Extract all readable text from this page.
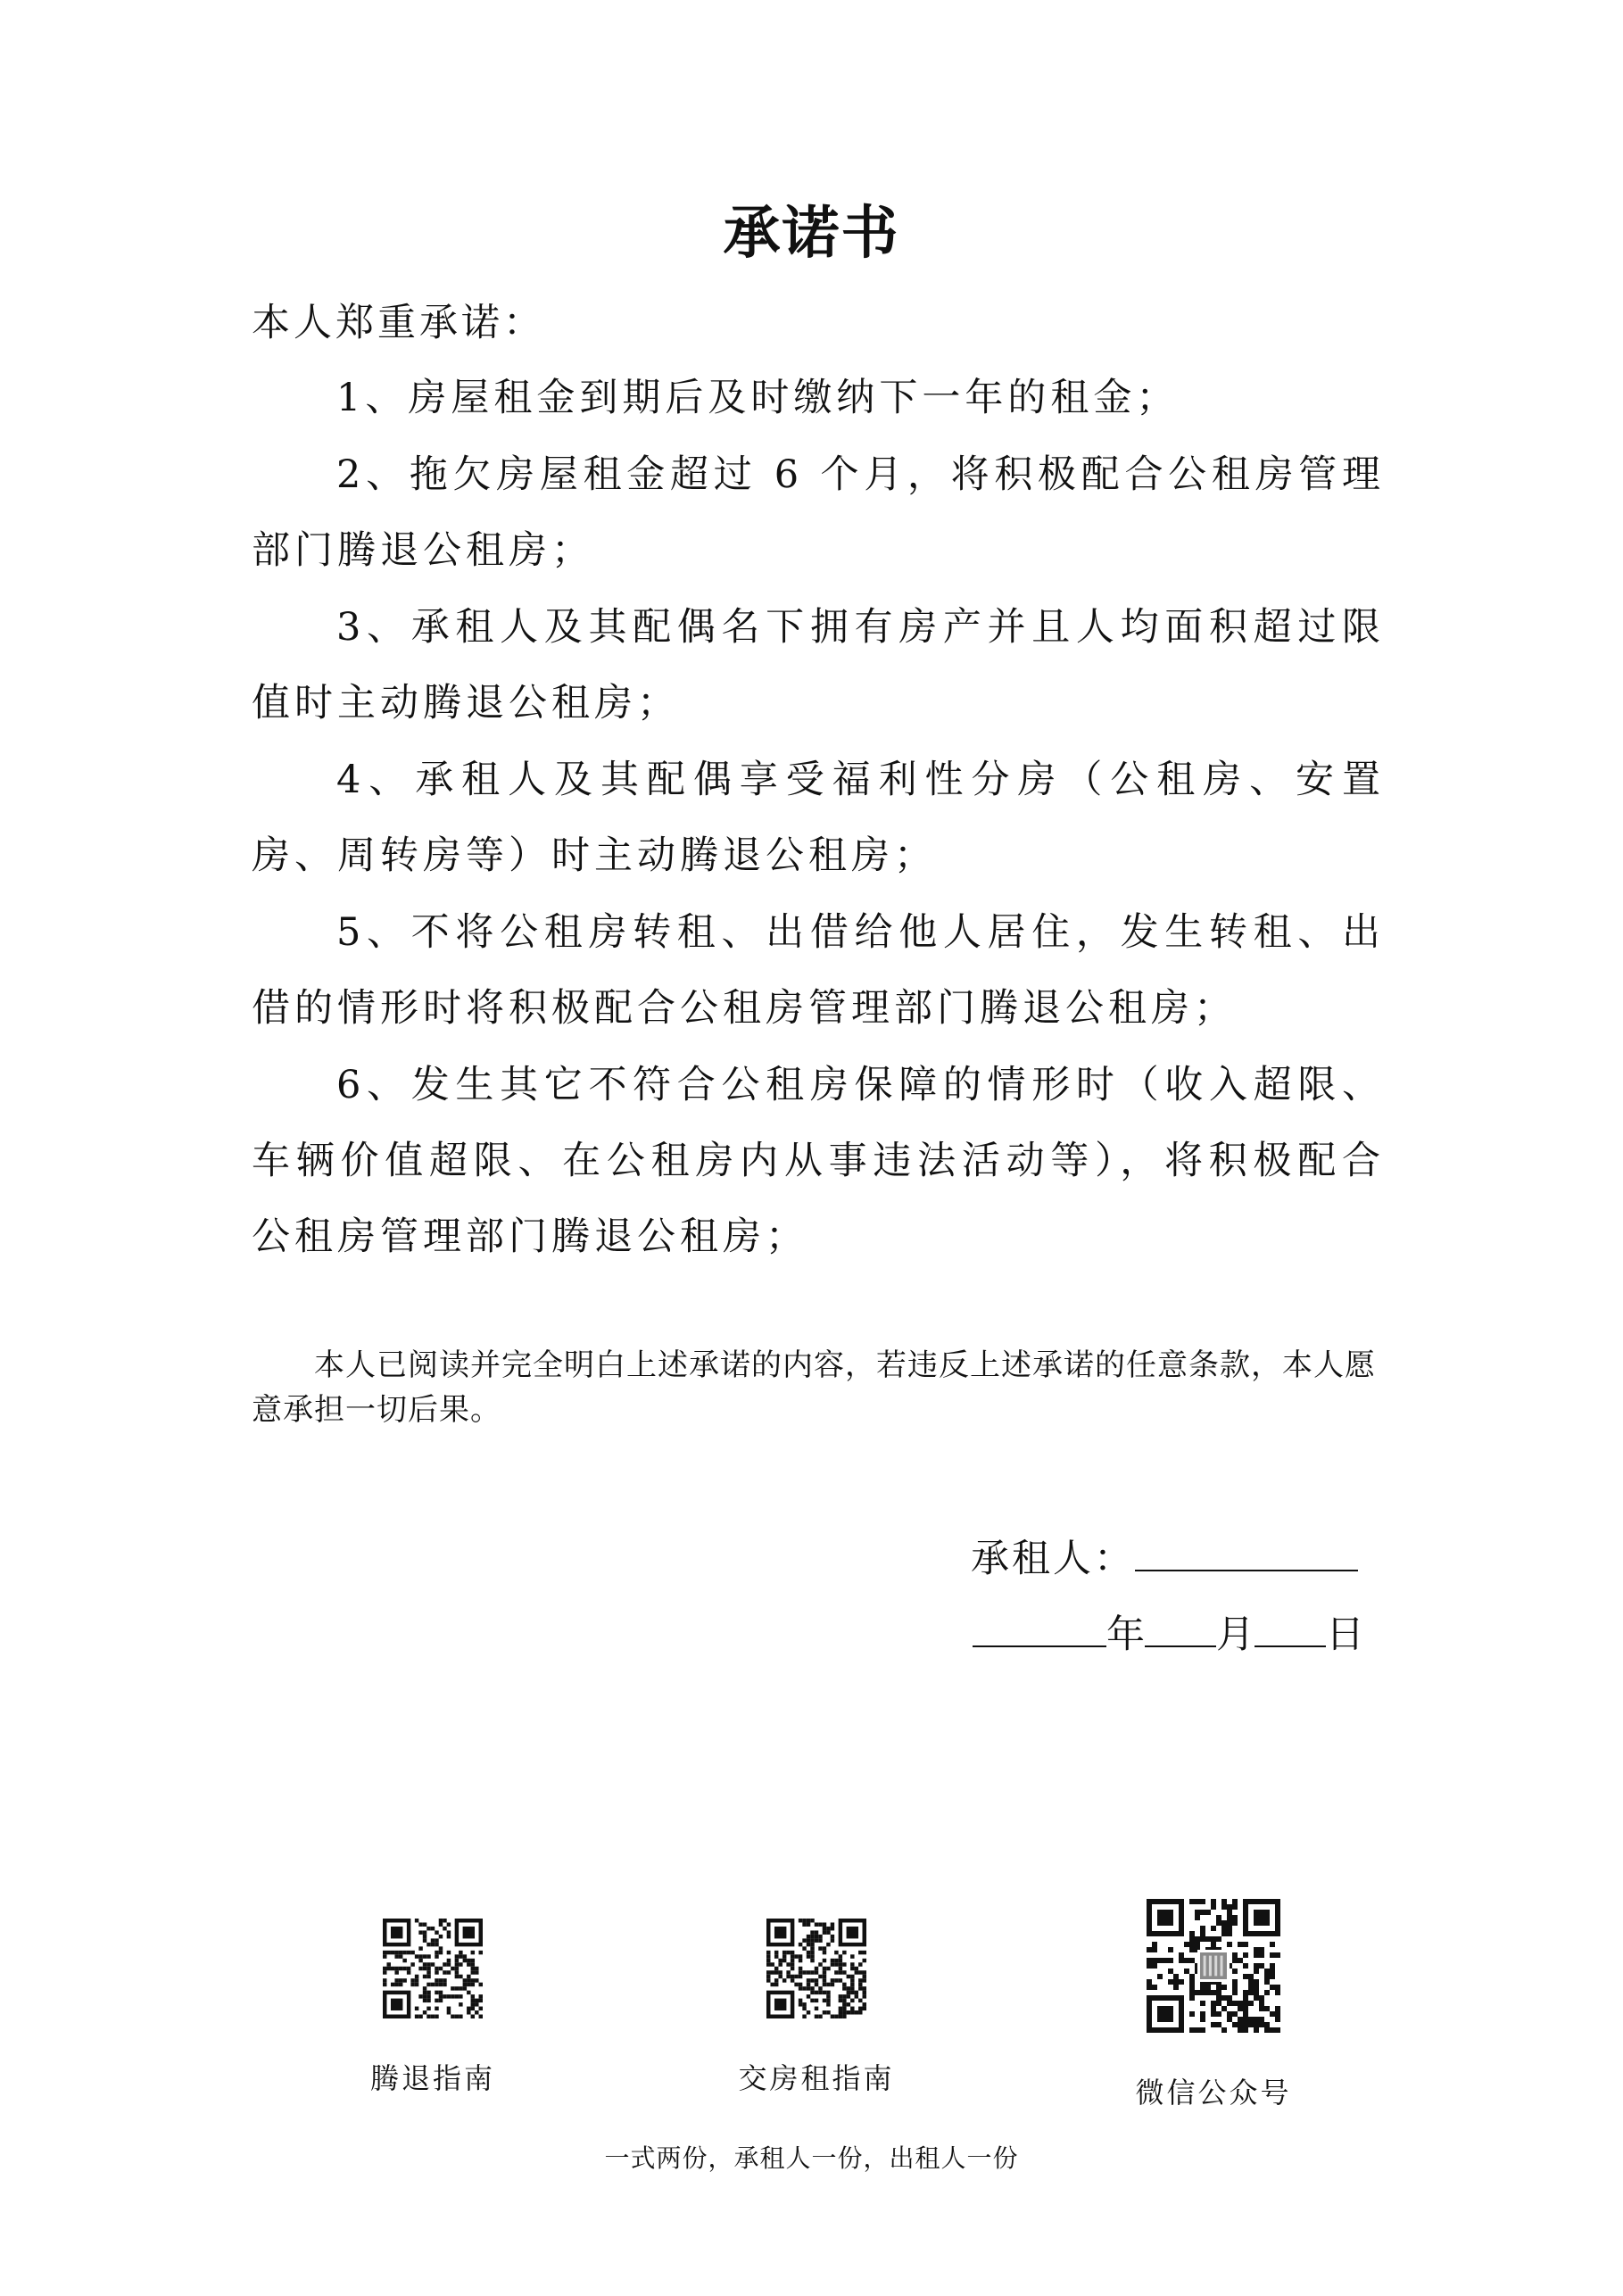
承诺书
本人郑重承诺：

1、房屋租金到期后及时缴纳下一年的租金；

2、拖欠房屋租金超过 6 个月，将积极配合公租房管理部门腾退公租房；

3、承租人及其配偶名下拥有房产并且人均面积超过限值时主动腾退公租房；

4、承租人及其配偶享受福利性分房（公租房、安置房、周转房等）时主动腾退公租房；

5、不将公租房转租、出借给他人居住，发生转租、出借的情形时将积极配合公租房管理部门腾退公租房；

6、发生其它不符合公租房保障的情形时（收入超限、车辆价值超限、在公租房内从事违法活动等），将积极配合公租房管理部门腾退公租房；

本人已阅读并完全明白上述承诺的内容，若违反上述承诺的任意条款，本人愿意承担一切后果。
承租人：
年 月 日
腾退指南	交房租指南	微信公众号
一式两份，承租人一份，出租人一份
